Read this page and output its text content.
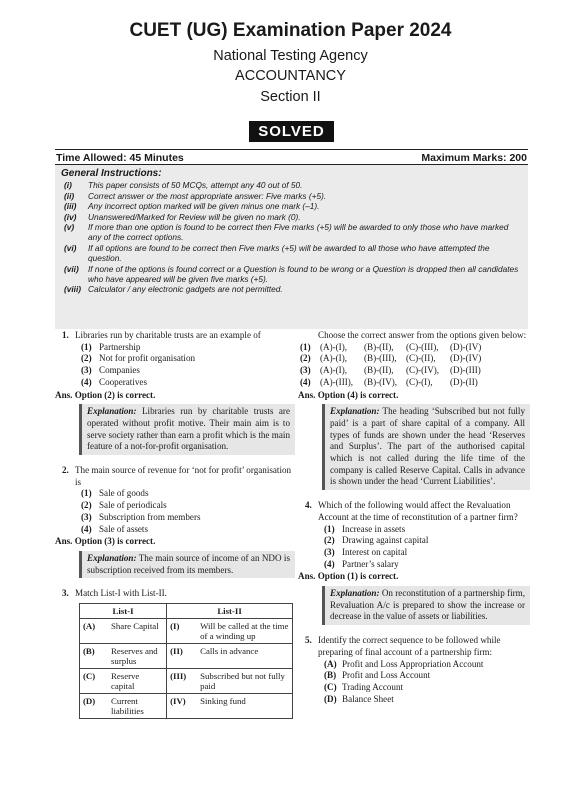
CUET (UG) Examination Paper 2024
National Testing Agency
ACCOUNTANCY
Section II
SOLVED
Time Allowed: 45 Minutes	Maximum Marks: 200
General Instructions:
(i) This paper consists of 50 MCQs, attempt any 40 out of 50.
(ii) Correct answer or the most appropriate answer: Five marks (+5).
(iii) Any incorrect option marked will be given minus one mark (–1).
(iv) Unanswered/Marked for Review will be given no mark (0).
(v) If more than one option is found to be correct then Five marks (+5) will be awarded to only those who have marked any of the correct options.
(vi) If all options are found to be correct then Five marks (+5) will be awarded to all those who have attempted the question.
(vii) If none of the options is found correct or a Question is found to be wrong or a Question is dropped then all candidates who have appeared will be given five marks (+5).
(viii) Calculator / any electronic gadgets are not permitted.
1. Libraries run by charitable trusts are an example of
(1) Partnership
(2) Not for profit organisation
(3) Companies
(4) Cooperatives
Ans. Option (2) is correct.
Explanation: Libraries run by charitable trusts are operated without profit motive. Their main aim is to serve society rather than earn a profit which is the main feature of a not-for-profit organisation.
2. The main source of revenue for ‘not for profit’ organisation is
(1) Sale of goods
(2) Sale of periodicals
(3) Subscription from members
(4) Sale of assets
Ans. Option (3) is correct.
Explanation: The main source of income of an NDO is subscription received from its members.
3. Match List-I with List-II.
List-I		List-II	
(A)	Share Capital	(I)	Will be called at the time of a winding up
(B)	Reserves and surplus	(II)	Calls in advance
(C)	Reserve capital	(III)	Subscribed but not fully paid
(D)	Current liabilities	(IV)	Sinking fund
Choose the correct answer from the options given below:
(1)	(A)-(I),	(B)-(II),	(C)-(III),	(D)-(IV)
(2)	(A)-(I),	(B)-(III),	(C)-(II),	(D)-(IV)
(3)	(A)-(I),	(B)-(II),	(C)-(IV),	(D)-(III)
(4)	(A)-(III),	(B)-(IV), (C)-(I),	(D)-(II)
Ans. Option (4) is correct.
Explanation: The heading ‘Subscribed but not fully paid’ is a part of share capital of a company. All types of funds are shown under the head ‘Reserves and Surplus’. The part of the authorised capital which is not called during the life time of the company is called Reserve Capital. Calls in advance is shown under the head ‘Current Liabilities’.
4. Which of the following would affect the Revaluation Account at the time of reconstitution of a partner firm?
(1) Increase in assets
(2) Drawing against capital
(3) Interest on capital
(4) Partner’s salary
Ans. Option (1) is correct.
Explanation: On reconstitution of a partnership firm, Revaluation A/c is prepared to show the increase or decrease in the value of assets or liabilities.
5. Identify the correct sequence to be followed while preparing of final account of a partnership firm:
(A) Profit and Loss Appropriation Account
(B) Profit and Loss Account
(C) Trading Account
(D) Balance Sheet
